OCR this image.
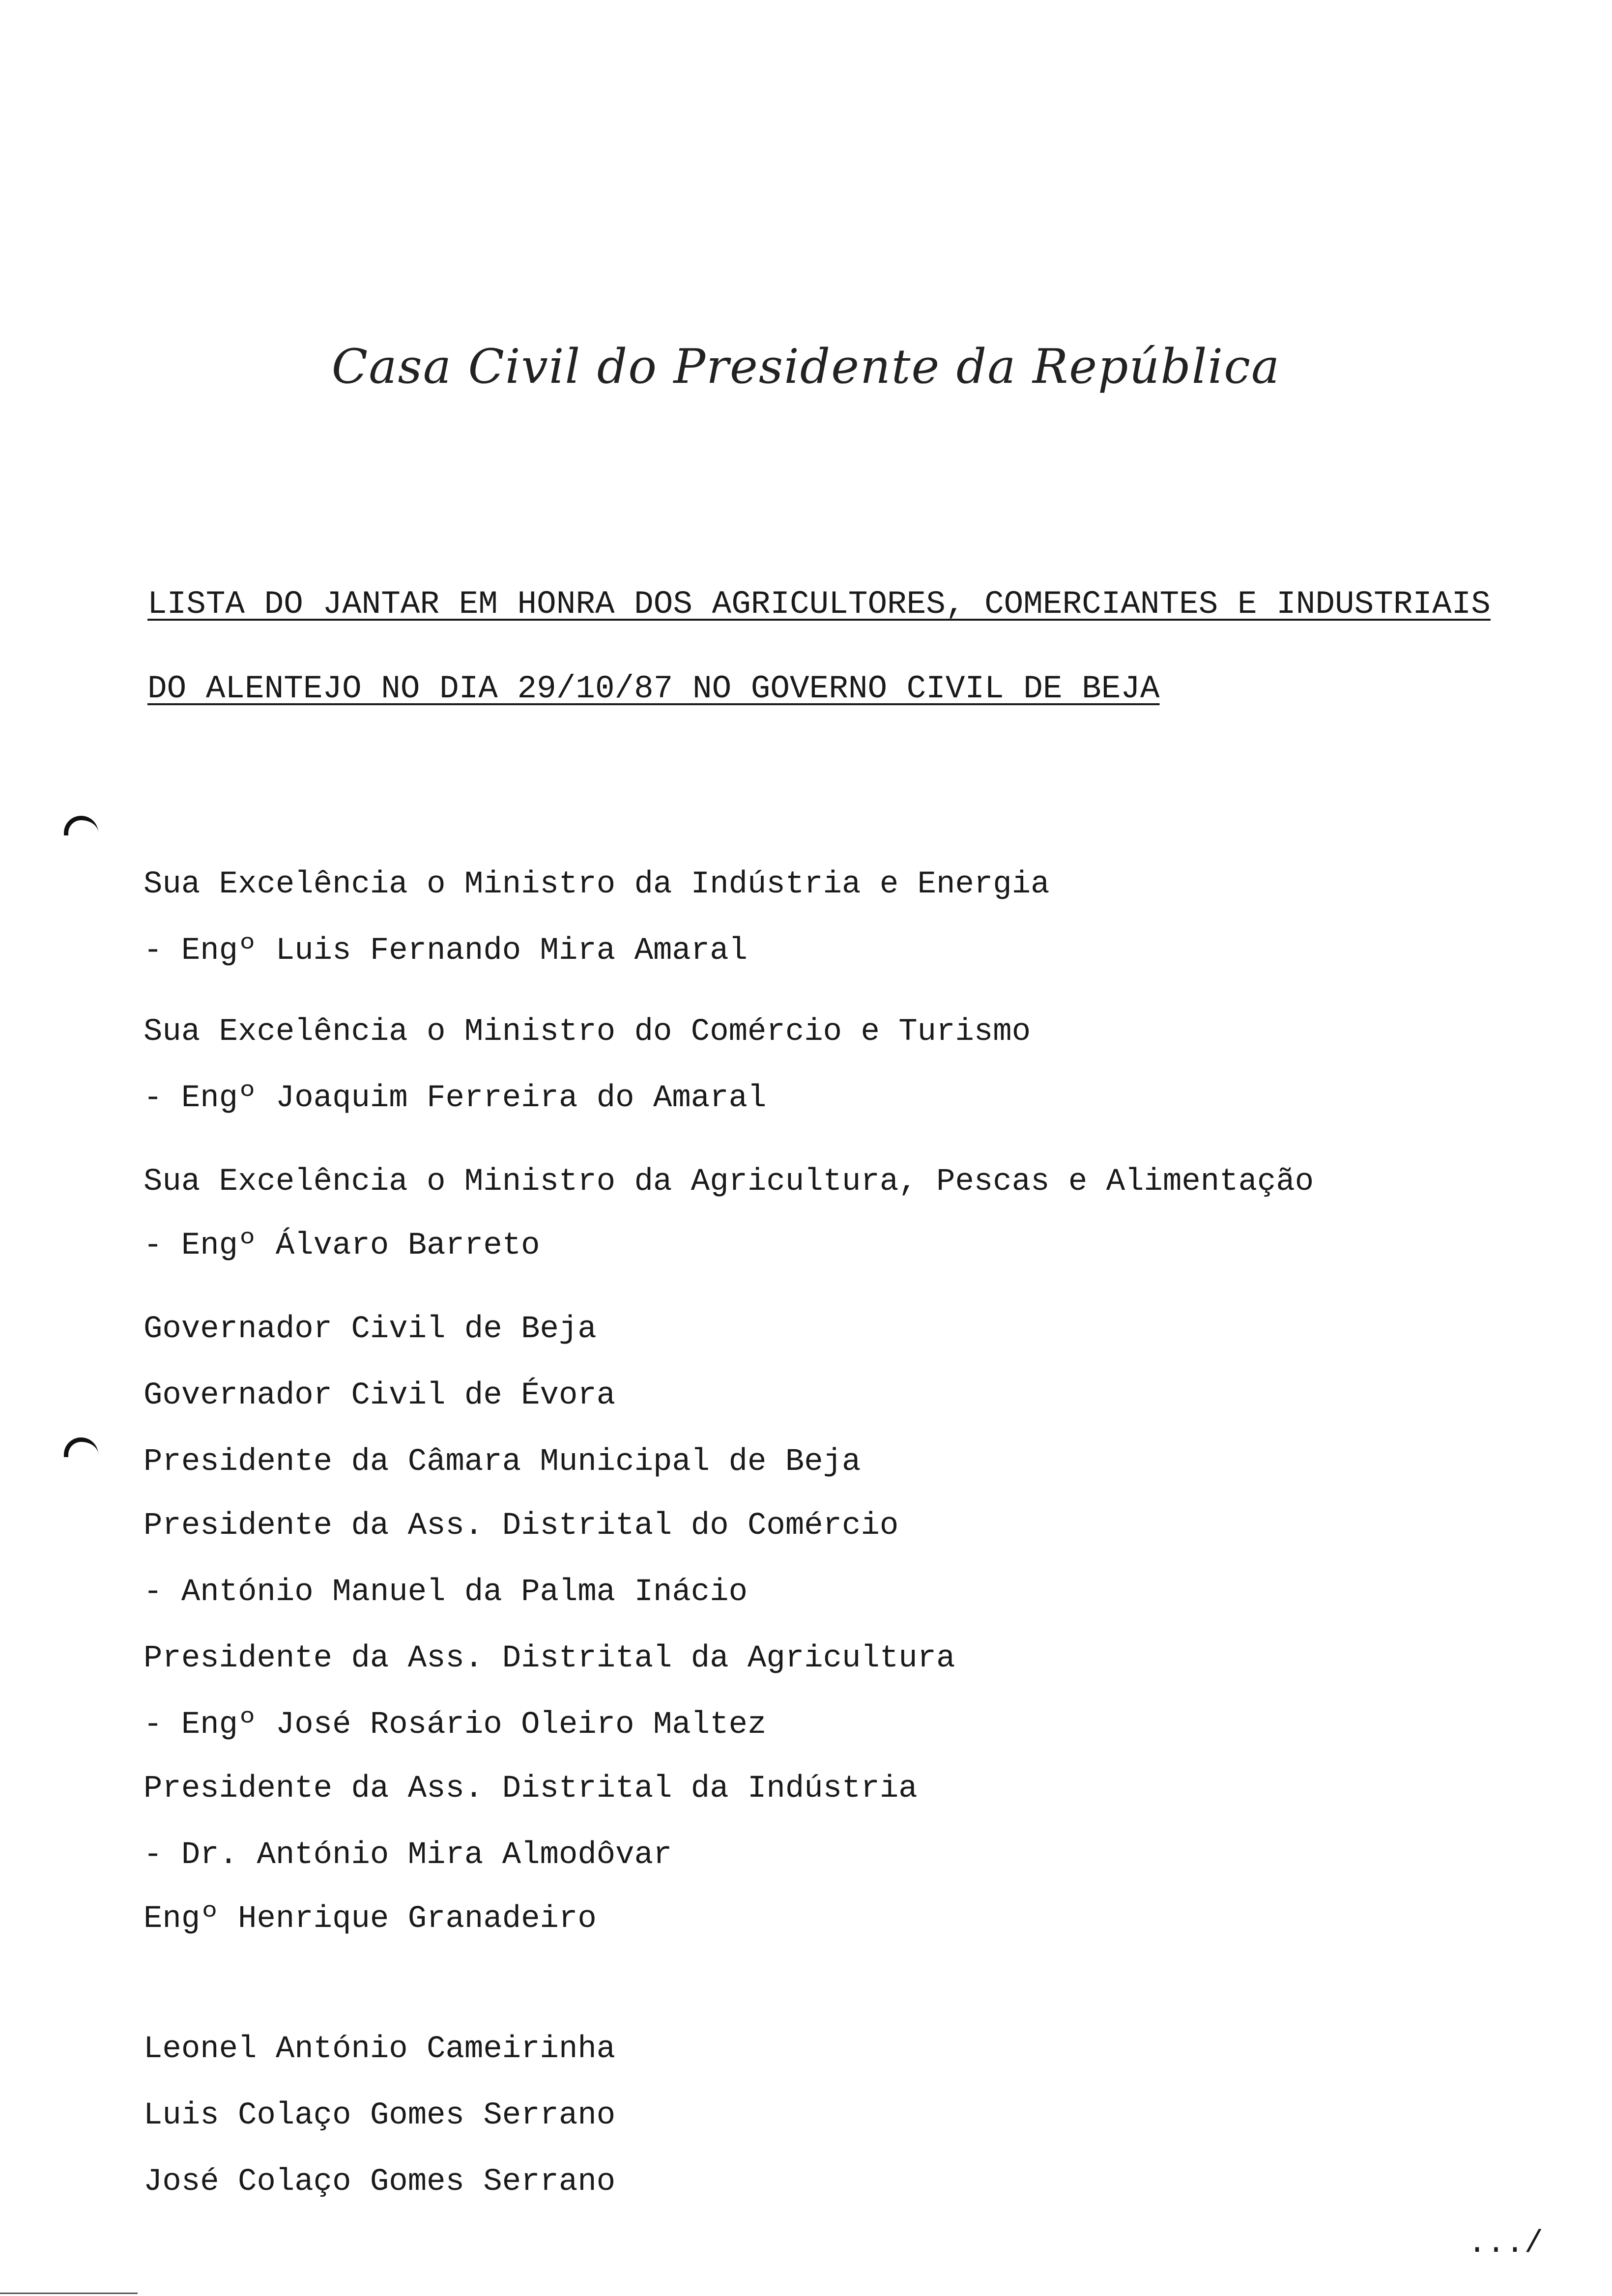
Casa Civil do Presidente da República
LISTA DO JANTAR EM HONRA DOS AGRICULTORES, COMERCIANTES E INDUSTRIAIS
DO ALENTEJO NO DIA 29/10/87 NO GOVERNO CIVIL DE BEJA
Sua Excelência o Ministro da Indústria e Energia
- Engº Luis Fernando Mira Amaral
Sua Excelência o Ministro do Comércio e Turismo
- Engº Joaquim Ferreira do Amaral
Sua Excelência o Ministro da Agricultura, Pescas e Alimentação
- Engº Álvaro Barreto
Governador Civil de Beja
Governador Civil de Évora
Presidente da Câmara Municipal de Beja
Presidente da Ass. Distrital do Comércio
- António Manuel da Palma Inácio
Presidente da Ass. Distrital da Agricultura
- Engº José Rosário Oleiro Maltez
Presidente da Ass. Distrital da Indústria
- Dr. António Mira Almodôvar
Engº Henrique Granadeiro
Leonel António Cameirinha
Luis Colaço Gomes Serrano
José Colaço Gomes Serrano
.../
